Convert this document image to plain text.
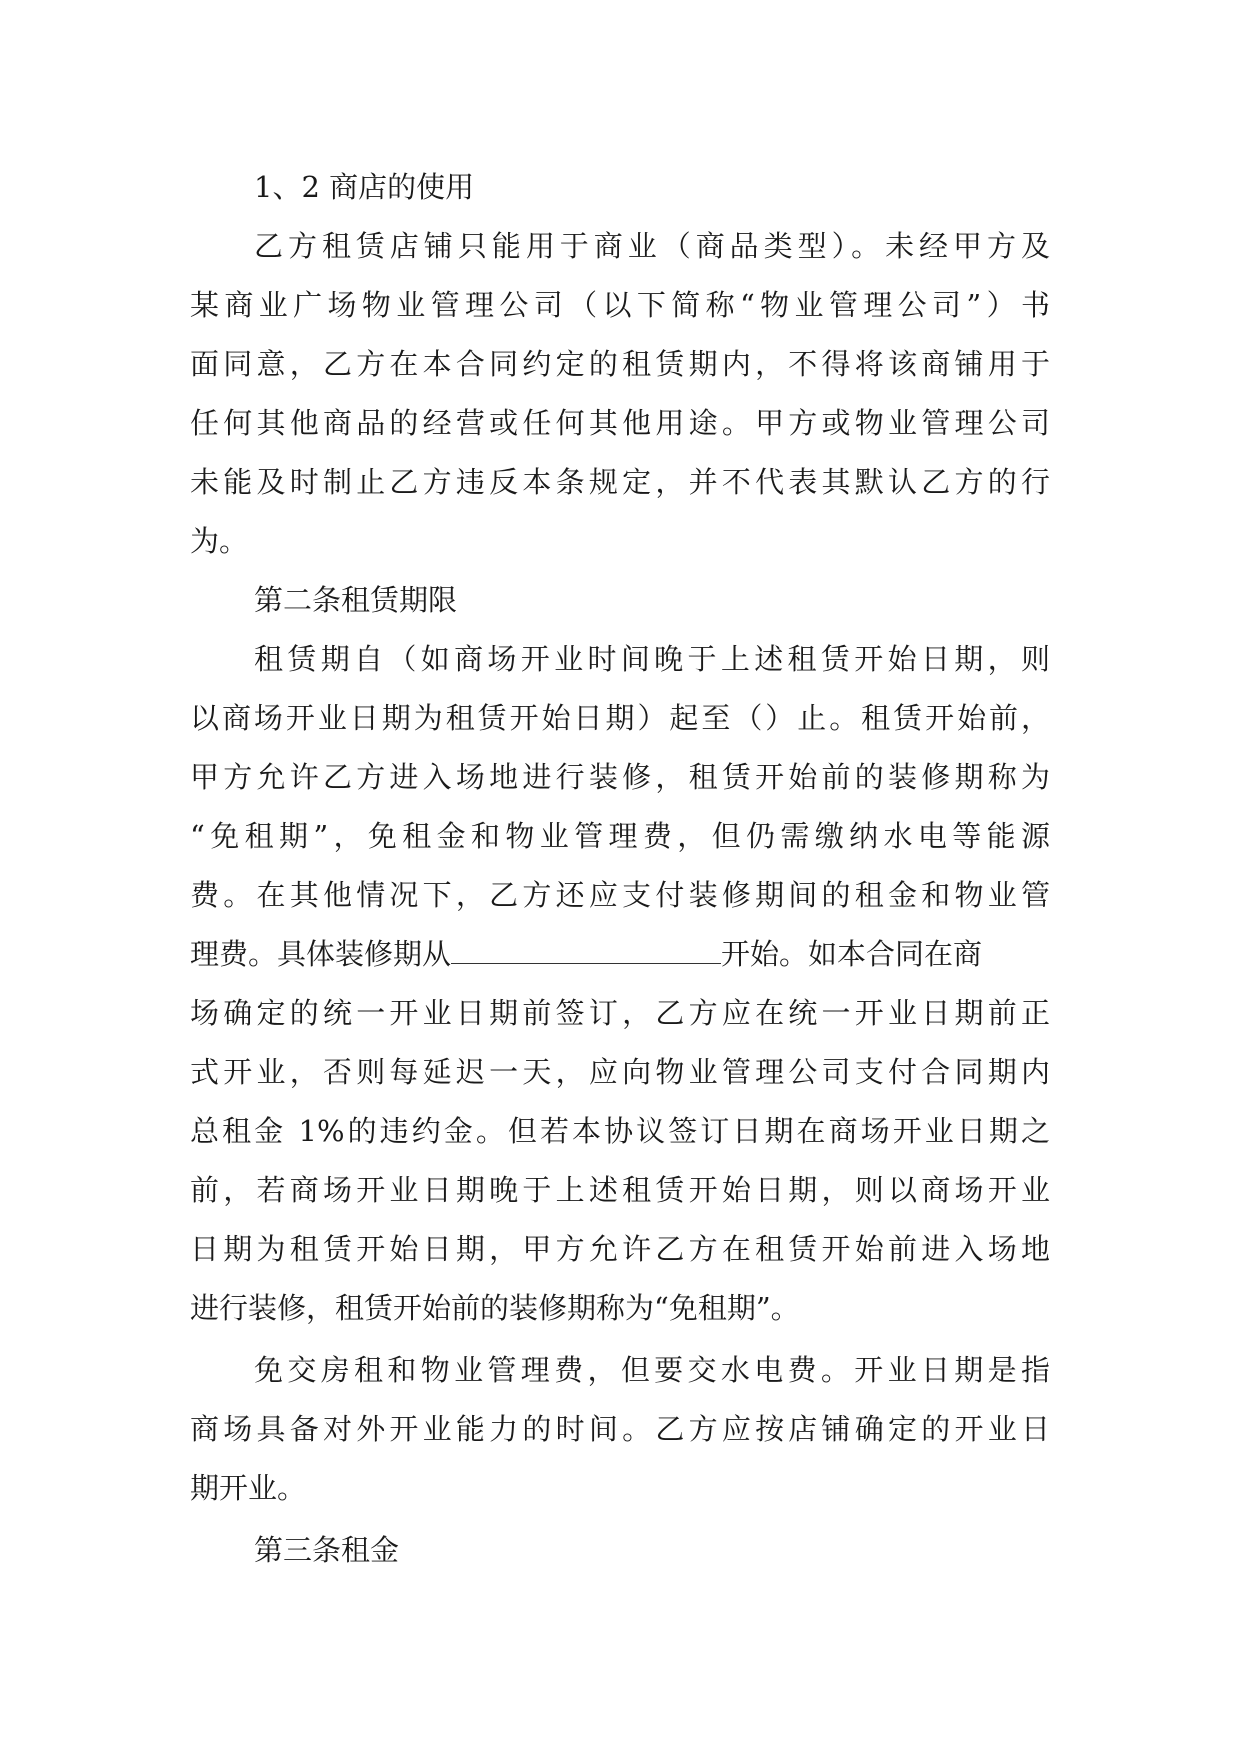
1、2 商店的使用
乙方租赁店铺只能用于商业（商品类型）。未经甲方及
某商业广场物业管理公司（以下简称“物业管理公司”）书
面同意，乙方在本合同约定的租赁期内，不得将该商铺用于
任何其他商品的经营或任何其他用途。甲方或物业管理公司
未能及时制止乙方违反本条规定，并不代表其默认乙方的行
为。
第二条租赁期限
租赁期自（如商场开业时间晚于上述租赁开始日期，则
以商场开业日期为租赁开始日期）起至（）止。租赁开始前，
甲方允许乙方进入场地进行装修，租赁开始前的装修期称为
“免租期”，免租金和物业管理费，但仍需缴纳水电等能源
费。在其他情况下，乙方还应支付装修期间的租金和物业管
理费。具体装修期从	开始。如本合同在商
场确定的统一开业日期前签订，乙方应在统一开业日期前正
式开业，否则每延迟一天，应向物业管理公司支付合同期内
总租金 1%的违约金。但若本协议签订日期在商场开业日期之
前，若商场开业日期晚于上述租赁开始日期，则以商场开业
日期为租赁开始日期，甲方允许乙方在租赁开始前进入场地
进行装修，租赁开始前的装修期称为“免租期”。
免交房租和物业管理费，但要交水电费。开业日期是指
商场具备对外开业能力的时间。乙方应按店铺确定的开业日
期开业。
第三条租金
